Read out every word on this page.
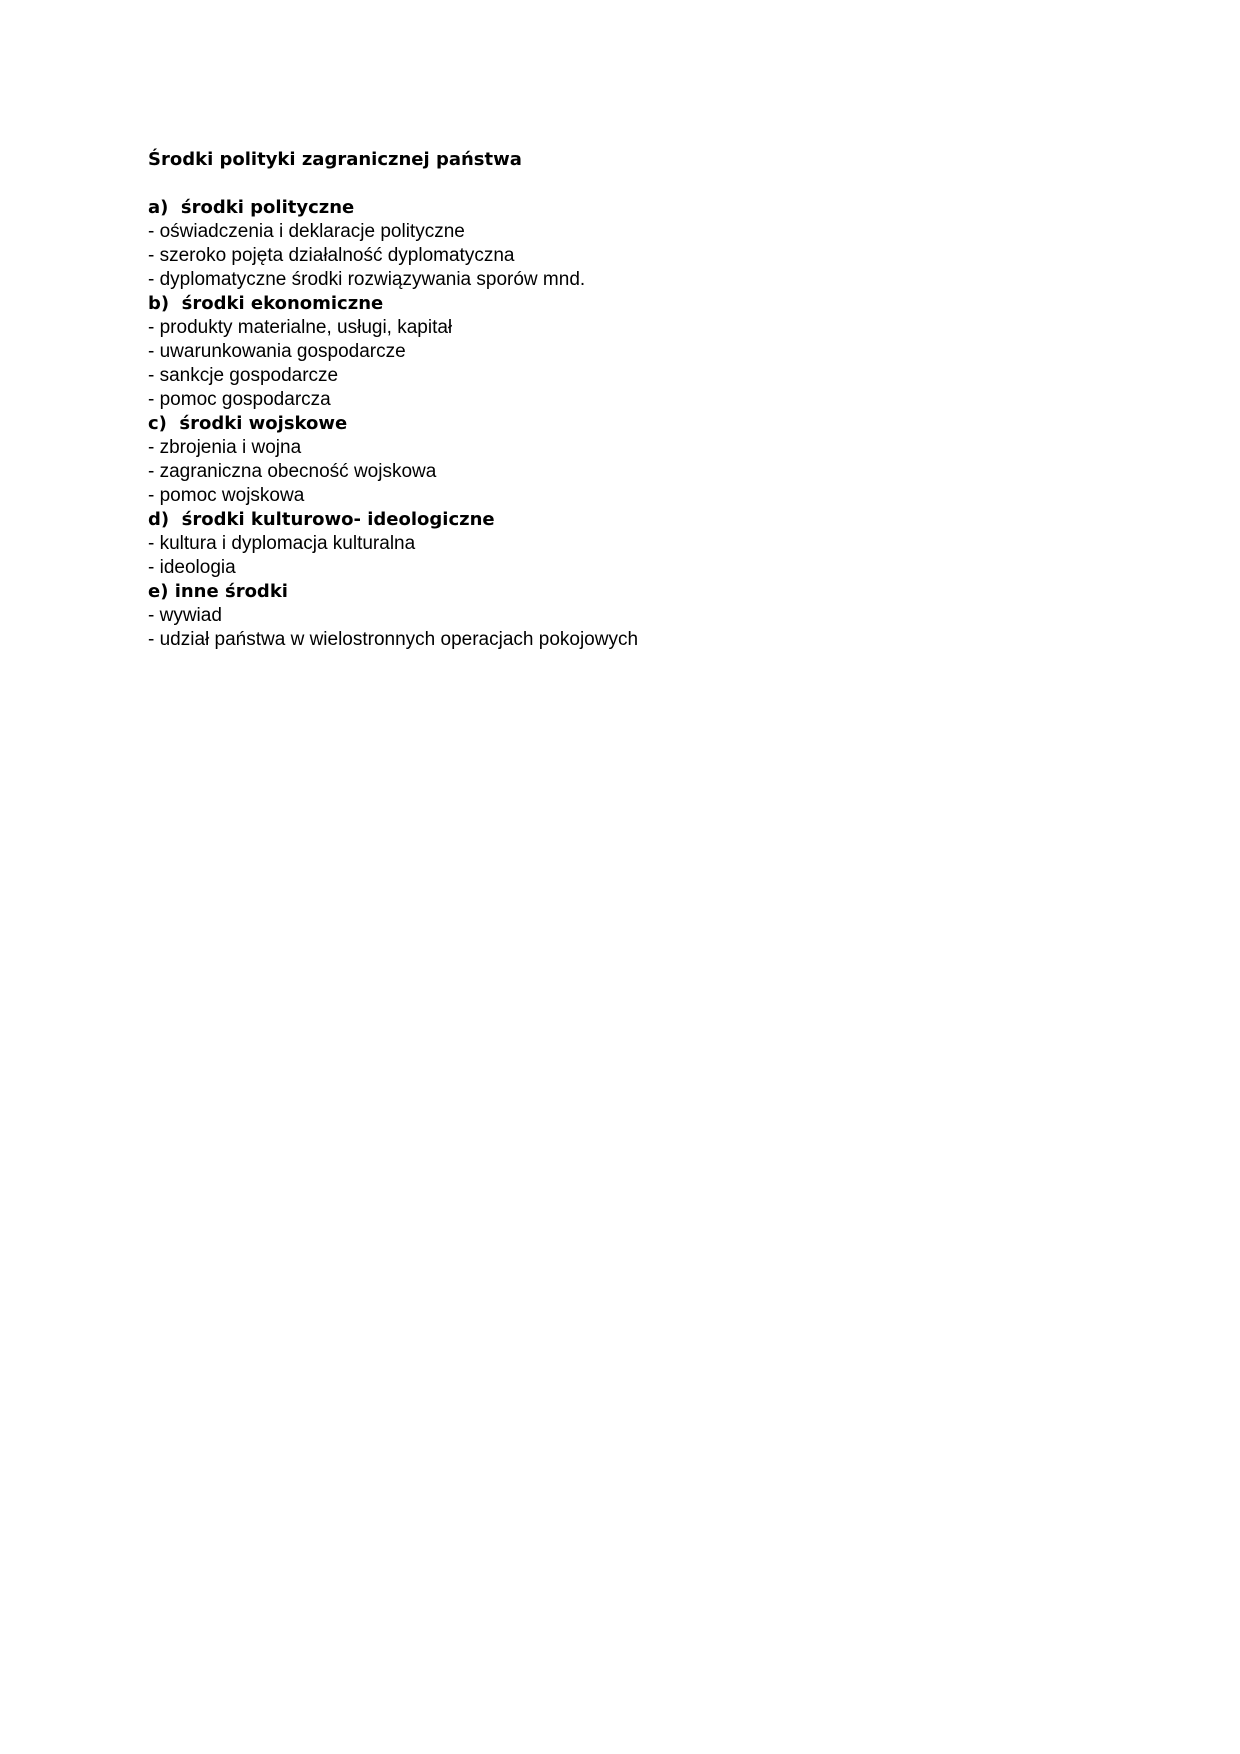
Środki polityki zagranicznej państwa
a)  środki polityczne
- oświadczenia i deklaracje polityczne
- szeroko pojęta działalność dyplomatyczna
- dyplomatyczne środki rozwiązywania sporów mnd.
b)  środki ekonomiczne
- produkty materialne, usługi, kapitał
- uwarunkowania gospodarcze
- sankcje gospodarcze
- pomoc gospodarcza
c)  środki wojskowe
- zbrojenia i wojna
- zagraniczna obecność wojskowa
- pomoc wojskowa
d)  środki kulturowo- ideologiczne
- kultura i dyplomacja kulturalna
- ideologia
e) inne środki
- wywiad
- udział państwa w wielostronnych operacjach pokojowych
